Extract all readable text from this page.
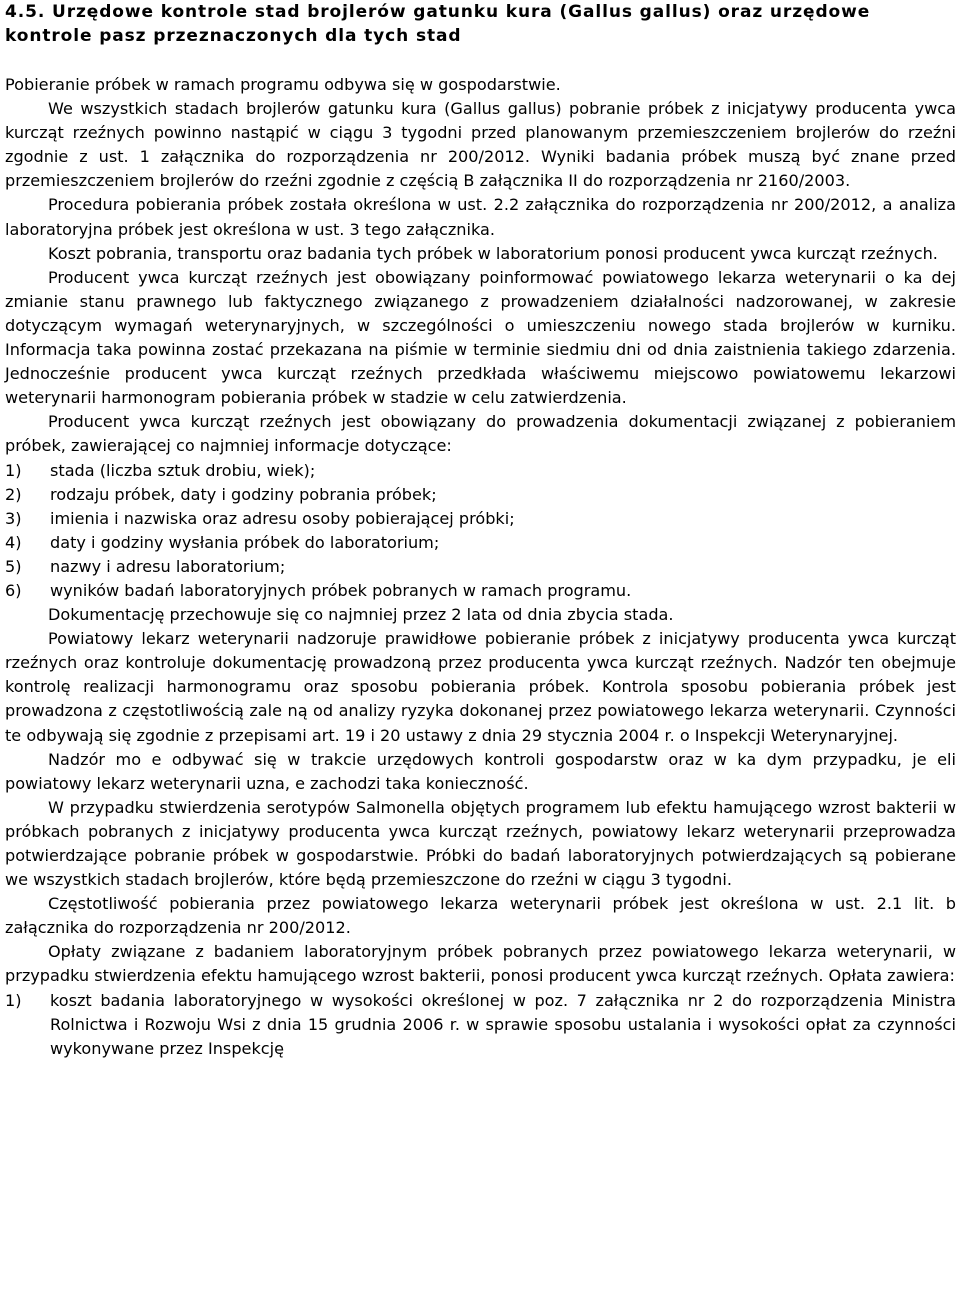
4.5. Urzędowe kontrole stad brojlerów gatunku kura (Gallus gallus) oraz urzędowe kontrole pasz przeznaczonych dla tych stad

Pobieranie próbek w ramach programu odbywa się w gospodarstwie.

We wszystkich stadach brojlerów gatunku kura (Gallus gallus) pobranie próbek z inicjatywy producenta ywca kurcząt rzeźnych powinno nastąpić w ciągu 3 tygodni przed planowanym przemieszczeniem brojlerów do rzeźni zgodnie z ust. 1 załącznika do rozporządzenia nr 200/2012. Wyniki badania próbek muszą być znane przed przemieszczeniem brojlerów do rzeźni zgodnie z częścią B załącznika II do rozporządzenia nr 2160/2003.

Procedura pobierania próbek została określona w ust. 2.2 załącznika do rozporządzenia nr 200/2012, a analiza laboratoryjna próbek jest określona w ust. 3 tego załącznika.

Koszt pobrania, transportu oraz badania tych próbek w laboratorium ponosi producent ywca kurcząt rzeźnych.

Producent ywca kurcząt rzeźnych jest obowiązany poinformować powiatowego lekarza weterynarii o ka dej zmianie stanu prawnego lub faktycznego związanego z prowadzeniem działalności nadzorowanej, w zakresie dotyczącym wymagań weterynaryjnych, w szczególności o umieszczeniu nowego stada brojlerów w kurniku. Informacja taka powinna zostać przekazana na piśmie w terminie siedmiu dni od dnia zaistnienia takiego zdarzenia. Jednocześnie producent ywca kurcząt rzeźnych przedkłada właściwemu miejscowo powiatowemu lekarzowi weterynarii harmonogram pobierania próbek w stadzie w celu zatwierdzenia.

Producent ywca kurcząt rzeźnych jest obowiązany do prowadzenia dokumentacji związanej z pobieraniem próbek, zawierającej co najmniej informacje dotyczące:

1)	stada (liczba sztuk drobiu, wiek);
2)	rodzaju próbek, daty i godziny pobrania próbek;
3)	imienia i nazwiska oraz adresu osoby pobierającej próbki;
4)	daty i godziny wysłania próbek do laboratorium;
5)	nazwy i adresu laboratorium;
6)	wyników badań laboratoryjnych próbek pobranych w ramach programu.

Dokumentację przechowuje się co najmniej przez 2 lata od dnia zbycia stada.

Powiatowy lekarz weterynarii nadzoruje prawidłowe pobieranie próbek z inicjatywy producenta ywca kurcząt rzeźnych oraz kontroluje dokumentację prowadzoną przez producenta ywca kurcząt rzeźnych. Nadzór ten obejmuje kontrolę realizacji harmonogramu oraz sposobu pobierania próbek. Kontrola sposobu pobierania próbek jest prowadzona z częstotliwością zale ną od analizy ryzyka dokonanej przez powiatowego lekarza weterynarii. Czynności te odbywają się zgodnie z przepisami art. 19 i 20 ustawy z dnia 29 stycznia 2004 r. o Inspekcji Weterynaryjnej.

Nadzór mo e odbywać się w trakcie urzędowych kontroli gospodarstw oraz w ka dym przypadku, je eli powiatowy lekarz weterynarii uzna, e zachodzi taka konieczność.

W przypadku stwierdzenia serotypów Salmonella objętych programem lub efektu hamującego wzrost bakterii w próbkach pobranych z inicjatywy producenta ywca kurcząt rzeźnych, powiatowy lekarz weterynarii przeprowadza potwierdzające pobranie próbek w gospodarstwie. Próbki do badań laboratoryjnych potwierdzających są pobierane we wszystkich stadach brojlerów, które będą przemieszczone do rzeźni w ciągu 3 tygodni.

Częstotliwość pobierania przez powiatowego lekarza weterynarii próbek jest określona w ust. 2.1 lit. b załącznika do rozporządzenia nr 200/2012.

Opłaty związane z badaniem laboratoryjnym próbek pobranych przez powiatowego lekarza weterynarii, w przypadku stwierdzenia efektu hamującego wzrost bakterii, ponosi producent ywca kurcząt rzeźnych. Opłata zawiera:

1)	koszt badania laboratoryjnego w wysokości określonej w poz. 7 załącznika nr 2 do rozporządzenia Ministra Rolnictwa i Rozwoju Wsi z dnia 15 grudnia 2006 r. w sprawie sposobu ustalania i wysokości opłat za czynności wykonywane przez Inspekcję
